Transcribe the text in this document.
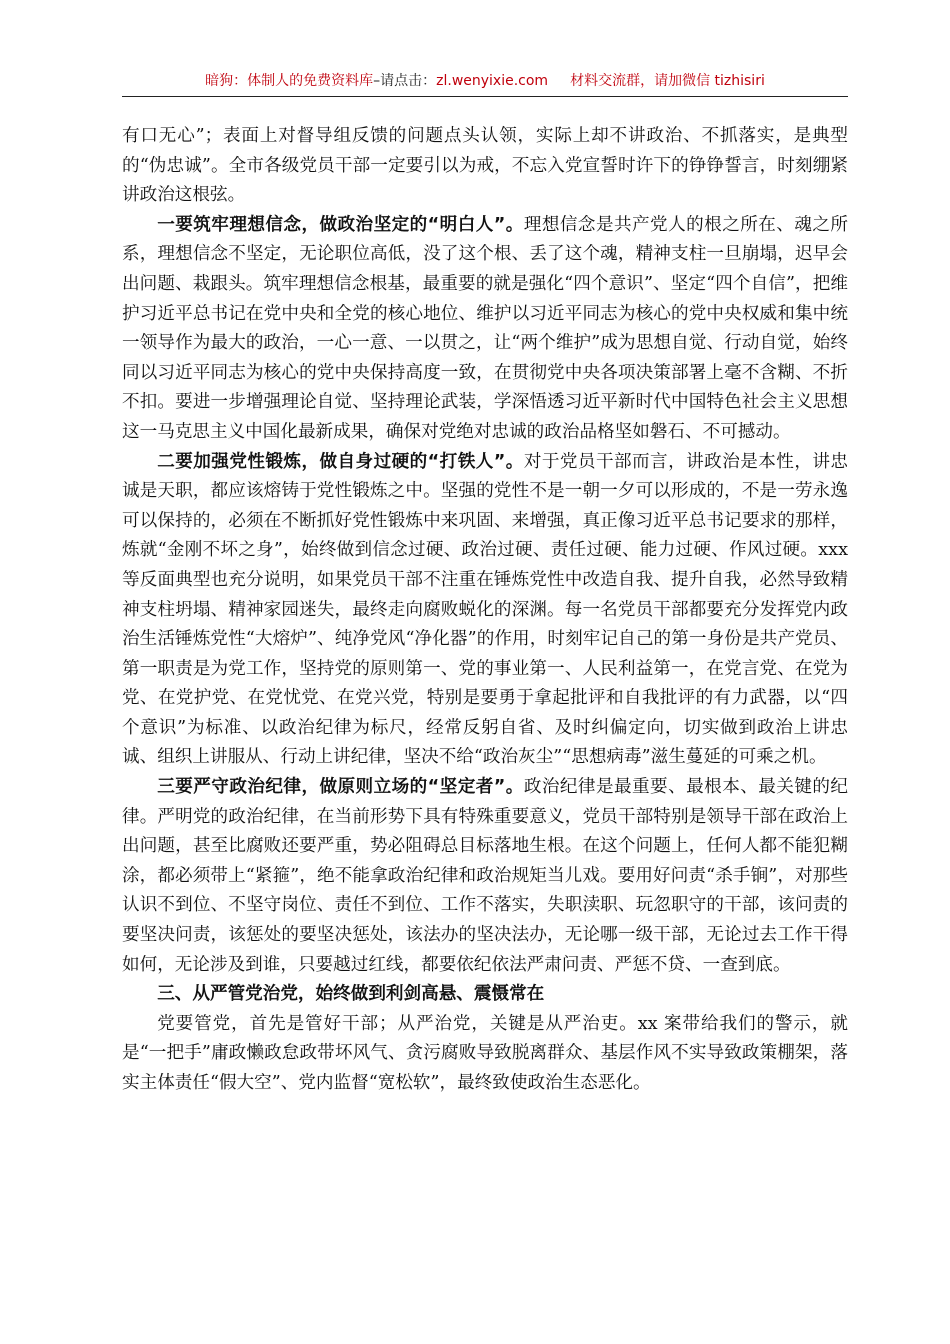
暗狗：体制人的免费资料库–请点击：zl.wenyixie.com 材料交流群，请加微信 tizhisiri

有口无心”；表面上对督导组反馈的问题点头认领，实际上却不讲政治、不抓落实，是典型的“伪忠诚”。全市各级党员干部一定要引以为戒，不忘入党宣誓时许下的铮铮誓言，时刻绷紧讲政治这根弦。

一要筑牢理想信念，做政治坚定的“明白人”。理想信念是共产党人的根之所在、魂之所系，理想信念不坚定，无论职位高低，没了这个根、丢了这个魂，精神支柱一旦崩塌，迟早会出问题、栽跟头。筑牢理想信念根基，最重要的就是强化“四个意识”、坚定“四个自信”，把维护习近平总书记在党中央和全党的核心地位、维护以习近平同志为核心的党中央权威和集中统一领导作为最大的政治，一心一意、一以贯之，让“两个维护”成为思想自觉、行动自觉，始终同以习近平同志为核心的党中央保持高度一致，在贯彻党中央各项决策部署上毫不含糊、不折不扣。要进一步增强理论自觉、坚持理论武装，学深悟透习近平新时代中国特色社会主义思想这一马克思主义中国化最新成果，确保对党绝对忠诚的政治品格坚如磐石、不可撼动。

二要加强党性锻炼，做自身过硬的“打铁人”。对于党员干部而言，讲政治是本性，讲忠诚是天职，都应该熔铸于党性锻炼之中。坚强的党性不是一朝一夕可以形成的，不是一劳永逸可以保持的，必须在不断抓好党性锻炼中来巩固、来增强，真正像习近平总书记要求的那样，炼就“金刚不坏之身”，始终做到信念过硬、政治过硬、责任过硬、能力过硬、作风过硬。xxx 等反面典型也充分说明，如果党员干部不注重在锤炼党性中改造自我、提升自我，必然导致精神支柱坍塌、精神家园迷失，最终走向腐败蜕化的深渊。每一名党员干部都要充分发挥党内政治生活锤炼党性“大熔炉”、纯净党风“净化器”的作用，时刻牢记自己的第一身份是共产党员、第一职责是为党工作，坚持党的原则第一、党的事业第一、人民利益第一，在党言党、在党为党、在党护党、在党忧党、在党兴党，特别是要勇于拿起批评和自我批评的有力武器，以“四个意识”为标准、以政治纪律为标尺，经常反躬自省、及时纠偏定向，切实做到政治上讲忠诚、组织上讲服从、行动上讲纪律，坚决不给“政治灰尘”“思想病毒”滋生蔓延的可乘之机。

三要严守政治纪律，做原则立场的“坚定者”。政治纪律是最重要、最根本、最关键的纪律。严明党的政治纪律，在当前形势下具有特殊重要意义，党员干部特别是领导干部在政治上出问题，甚至比腐败还要严重，势必阻碍总目标落地生根。在这个问题上，任何人都不能犯糊涂，都必须带上“紧箍”，绝不能拿政治纪律和政治规矩当儿戏。要用好问责“杀手锏”，对那些认识不到位、不坚守岗位、责任不到位、工作不落实，失职渎职、玩忽职守的干部，该问责的要坚决问责，该惩处的要坚决惩处，该法办的坚决法办，无论哪一级干部，无论过去工作干得如何，无论涉及到谁，只要越过红线，都要依纪依法严肃问责、严惩不贷、一查到底。

三、从严管党治党，始终做到利剑高悬、震慑常在

党要管党，首先是管好干部；从严治党，关键是从严治吏。xx 案带给我们的警示，就是“一把手”庸政懒政怠政带坏风气、贪污腐败导致脱离群众、基层作风不实导致政策棚架，落实主体责任“假大空”、党内监督“宽松软”，最终致使政治生态恶化。
